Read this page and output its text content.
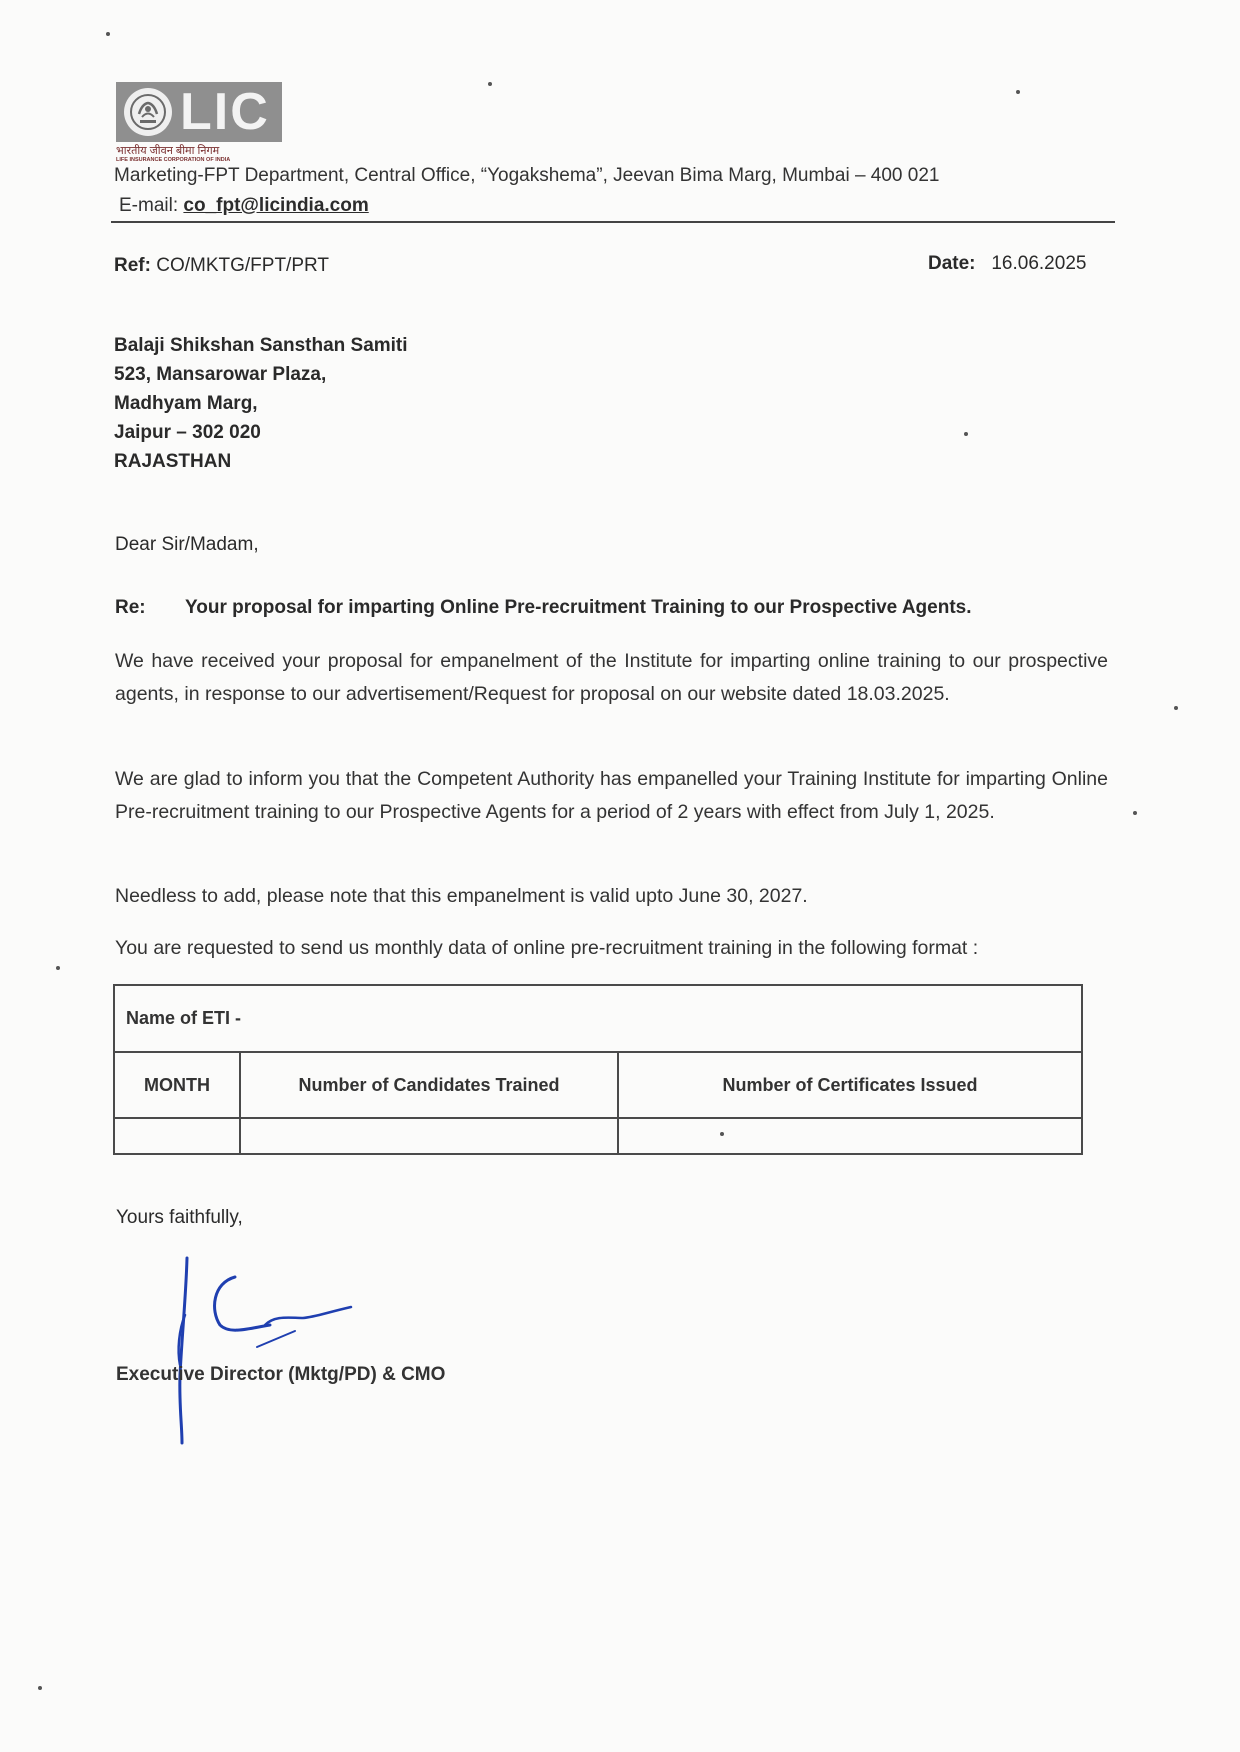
LIC
भारतीय जीवन बीमा निगम
LIFE INSURANCE CORPORATION OF INDIA
Marketing-FPT Department, Central Office, “Yogakshema”, Jeevan Bima Marg, Mumbai – 400 021
E-mail: co_fpt@licindia.com
Ref: CO/MKTG/FPT/PRT	Date: 16.06.2025
Balaji Shikshan Sansthan Samiti
523, Mansarowar Plaza,
Madhyam Marg,
Jaipur – 302 020
RAJASTHAN
Dear Sir/Madam,
Re: Your proposal for imparting Online Pre-recruitment Training to our Prospective Agents.
We have received your proposal for empanelment of the Institute for imparting online training to our prospective agents, in response to our advertisement/Request for proposal on our website dated 18.03.2025.
We are glad to inform you that the Competent Authority has empanelled your Training Institute for imparting Online Pre-recruitment training to our Prospective Agents for a period of 2 years with effect from July 1, 2025.
Needless to add, please note that this empanelment is valid upto June 30, 2027.
You are requested to send us monthly data of online pre-recruitment training in the following format :
Name of ETI -		
MONTH	Number of Candidates Trained	Number of Certificates Issued

Yours faithfully,
Executive Director (Mktg/PD) & CMO
